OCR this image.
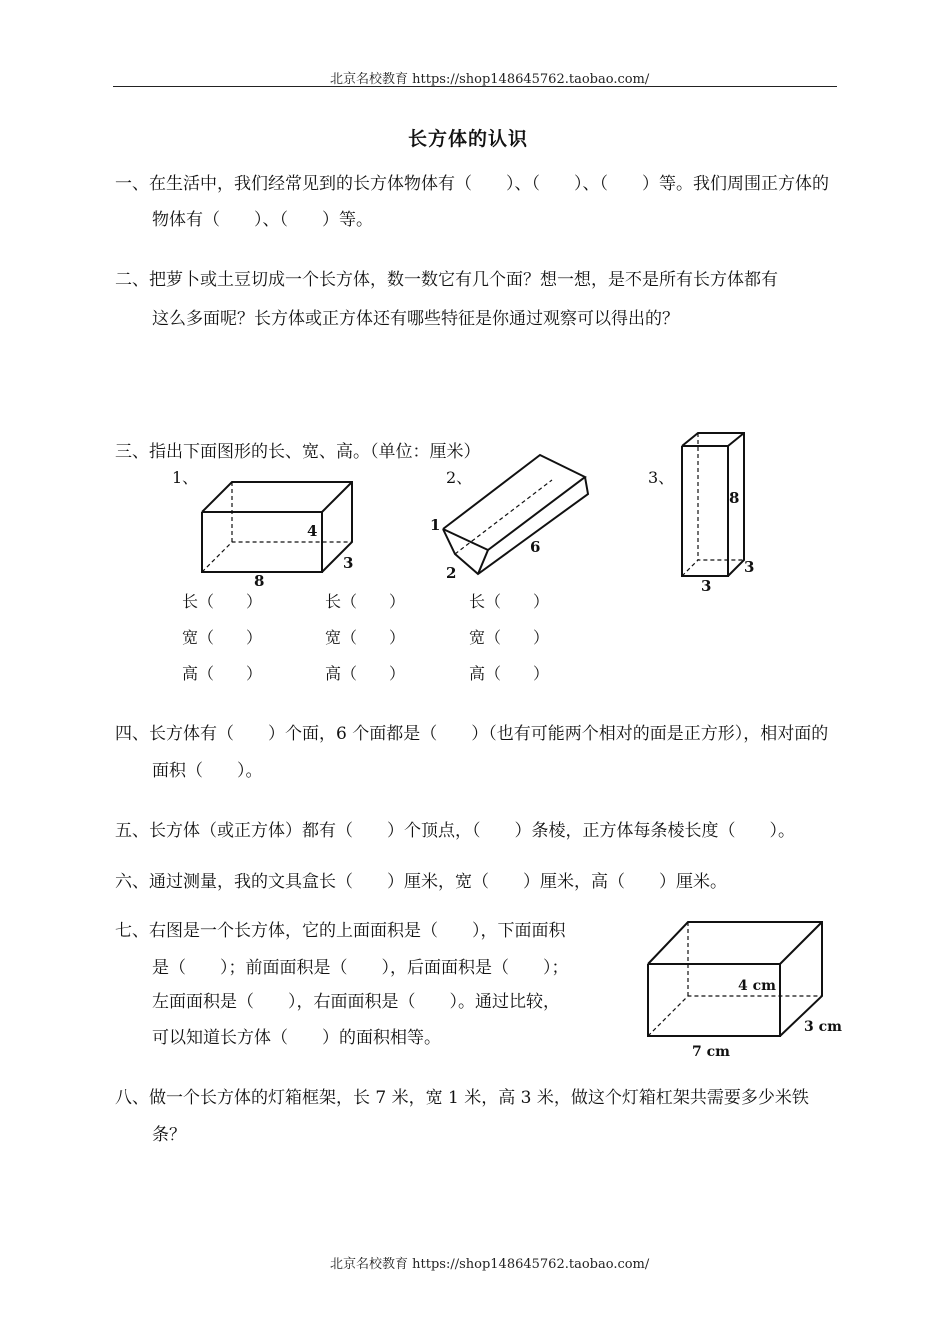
北京名校教育 https://shop148645762.taobao.com/
长方体的认识
一、在生活中，我们经常见到的长方体物体有（　　）、（　　）、（　　）等。我们周围正方体的
物体有（　　）、（　　）等。
二、把萝卜或土豆切成一个长方体，数一数它有几个面？想一想，是不是所有长方体都有
这么多面呢？长方体或正方体还有哪些特征是你通过观察可以得出的？
三、指出下面图形的长、宽、高。（单位：厘米）
1、	2、	3、
4
3
8
1
6
2
8
3
3
长（　　）
宽（　　）
高（　　）
长（　　）
宽（　　）
高（　　）
长（　　）
宽（　　）
高（　　）
四、长方体有（　　）个面，6 个面都是（　　）（也有可能两个相对的面是正方形），相对面的
面积（　　）。
五、长方体（或正方体）都有（　　）个顶点，（　　）条棱，正方体每条棱长度（　　）。
六、通过测量，我的文具盒长（　　）厘米，宽（　　）厘米，高（　　）厘米。
七、右图是一个长方体，它的上面面积是（　　），下面面积
是（　　）；前面面积是（　　），后面面积是（　　）；
左面面积是（　　），右面面积是（　　）。通过比较，
可以知道长方体（　　）的面积相等。
4 cm
3 cm
7 cm
八、做一个长方体的灯箱框架，长 7 米，宽 1 米，高 3 米，做这个灯箱杠架共需要多少米铁
条？
北京名校教育 https://shop148645762.taobao.com/
